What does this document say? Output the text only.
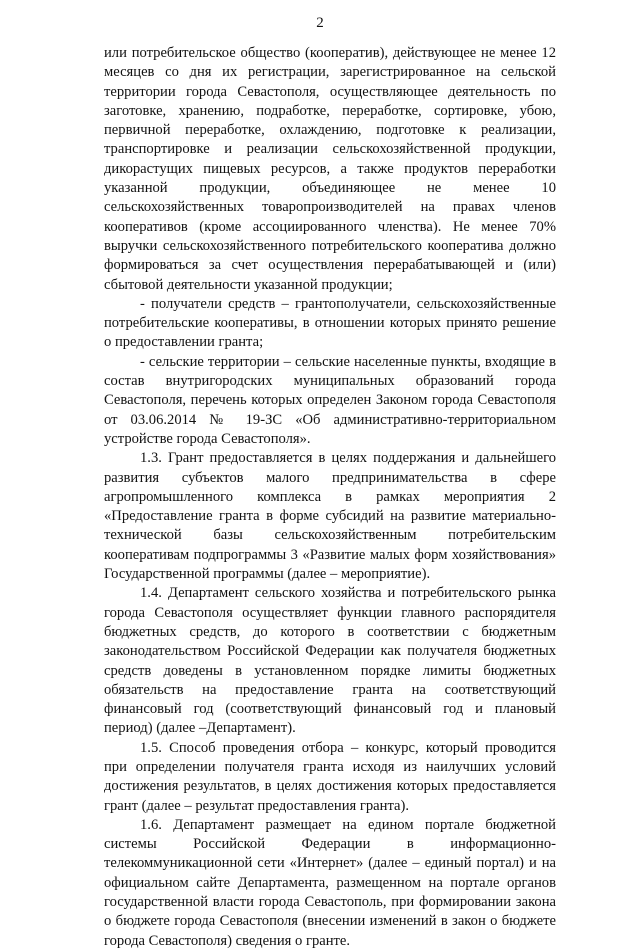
2

или потребительское общество (кооператив), действующее не менее 12 месяцев со дня их регистрации, зарегистрированное на сельской территории города Севастополя, осуществляющее деятельность по заготовке, хранению, подработке, переработке, сортировке, убою, первичной переработке, охлаждению, подготовке к реализации, транспортировке и реализации сельскохозяйственной продукции, дикорастущих пищевых ресурсов, а также продуктов переработки указанной продукции, объединяющее не менее 10 сельскохозяйственных товаропроизводителей на правах членов кооперативов (кроме ассоциированного членства). Не менее 70% выручки сельскохозяйственного потребительского кооператива должно формироваться за счет осуществления перерабатывающей и (или) сбытовой деятельности указанной продукции;

- получатели средств – грантополучатели, сельскохозяйственные потребительские кооперативы, в отношении которых принято решение о предоставлении гранта;

- сельские территории – сельские населенные пункты, входящие в состав внутригородских муниципальных образований города Севастополя, перечень которых определен Законом города Севастополя от 03.06.2014 № 19-ЗС «Об административно-территориальном устройстве города Севастополя».

1.3. Грант предоставляется в целях поддержания и дальнейшего развития субъектов малого предпринимательства в сфере агропромышленного комплекса в рамках мероприятия 2 «Предоставление гранта в форме субсидий на развитие материально-технической базы сельскохозяйственным потребительским кооперативам подпрограммы 3 «Развитие малых форм хозяйствования» Государственной программы (далее – мероприятие).

1.4. Департамент сельского хозяйства и потребительского рынка города Севастополя осуществляет функции главного распорядителя бюджетных средств, до которого в соответствии с бюджетным законодательством Российской Федерации как получателя бюджетных средств доведены в установленном порядке лимиты бюджетных обязательств на предоставление гранта на соответствующий финансовый год (соответствующий финансовый год и плановый период) (далее –Департамент).

1.5. Способ проведения отбора – конкурс, который проводится при определении получателя гранта исходя из наилучших условий достижения результатов, в целях достижения которых предоставляется грант (далее – результат предоставления гранта).

1.6. Департамент размещает на едином портале бюджетной системы Российской Федерации в информационно-телекоммуникационной сети «Интернет» (далее – единый портал) и на официальном сайте Департамента, размещенном на портале органов государственной власти города Севастополь, при формировании закона о бюджете города Севастополя (внесении изменений в закон о бюджете города Севастополя) сведения о гранте.
